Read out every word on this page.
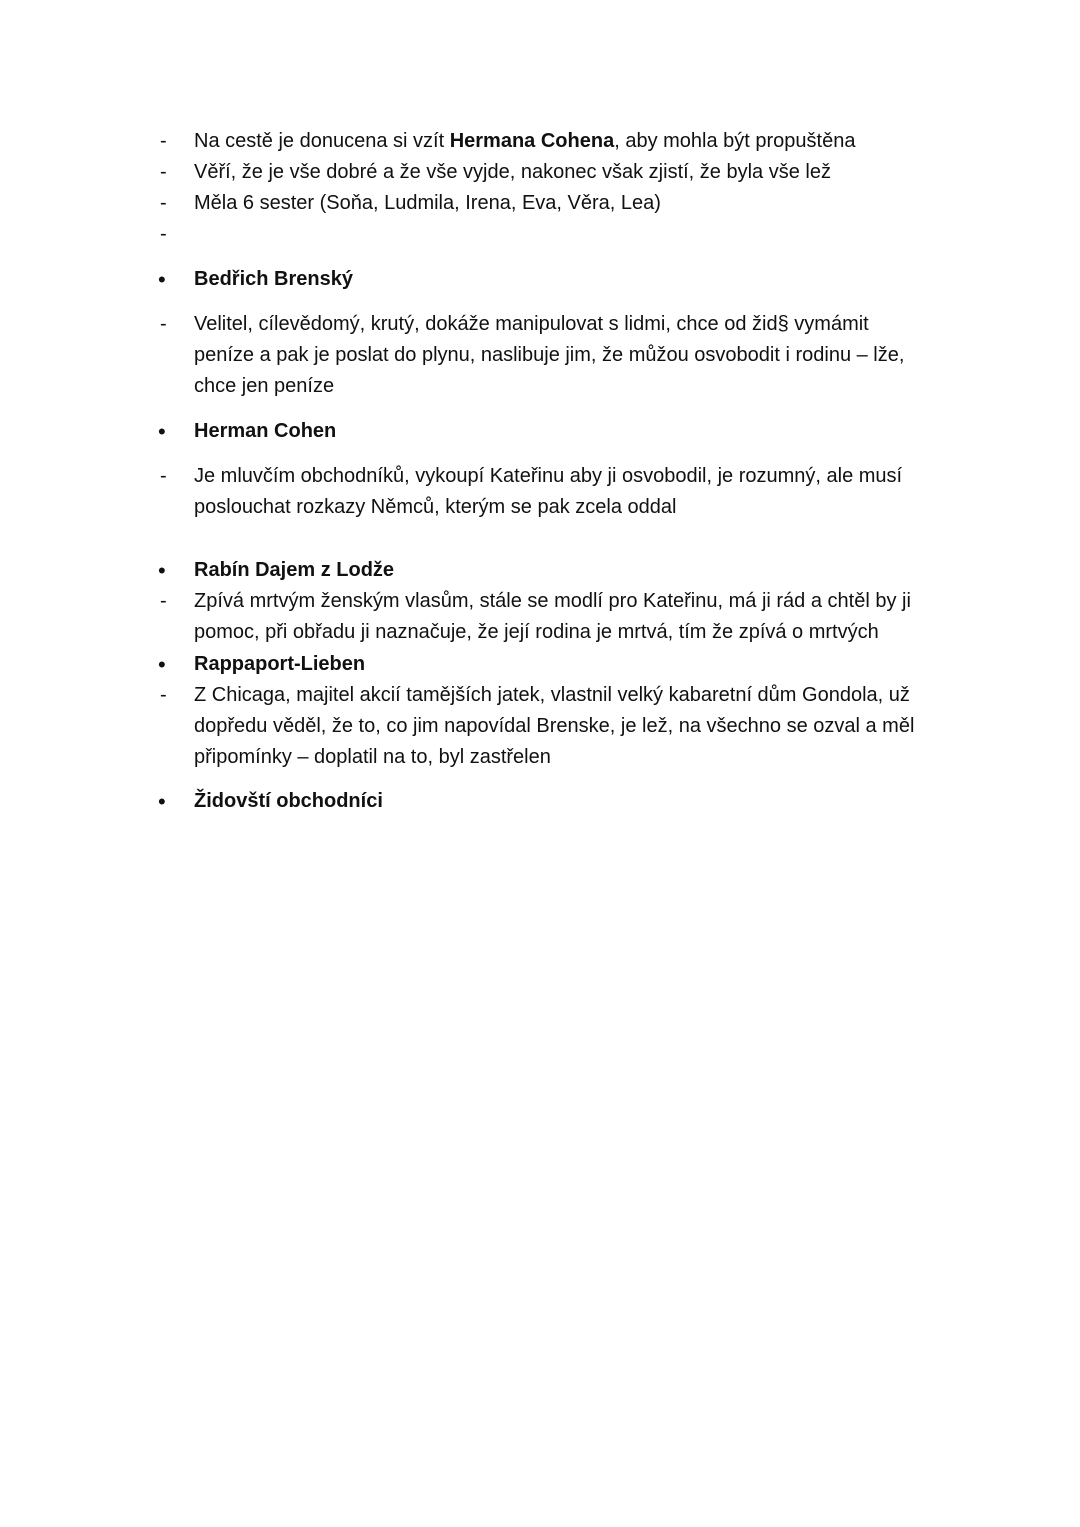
-	Na cestě je donucena si vzít Hermana Cohena, aby mohla být propuštěna
-	Věří, že je vše dobré a že vše vyjde, nakonec však zjistí, že byla vše lež
-	Měla 6 sester (Soňa, Ludmila, Irena, Eva, Věra, Lea)
-
•	Bedřich Brenský
-	Velitel, cílevědomý, krutý, dokáže manipulovat s lidmi, chce od žid§ vymámit
peníze a pak je poslat do plynu, naslibuje jim, že můžou osvobodit i rodinu – lže,
chce jen peníze
•	Herman Cohen
-	Je mluvčím obchodníků, vykoupí Kateřinu aby ji osvobodil, je rozumný, ale musí
poslouchat rozkazy Němců, kterým se pak zcela oddal
•	Rabín Dajem z Lodže
-	Zpívá mrtvým ženským vlasům, stále se modlí pro Kateřinu, má ji rád a chtěl by ji
pomoc, při obřadu ji naznačuje, že její rodina je mrtvá, tím že zpívá o mrtvých
•	Rappaport-Lieben
-	Z Chicaga, majitel akcií tamějších jatek, vlastnil velký kabaretní dům Gondola, už
dopředu věděl, že to, co jim napovídal Brenske, je lež, na všechno se ozval a měl
připomínky – doplatil na to, byl zastřelen
•	Židovští obchodníci
